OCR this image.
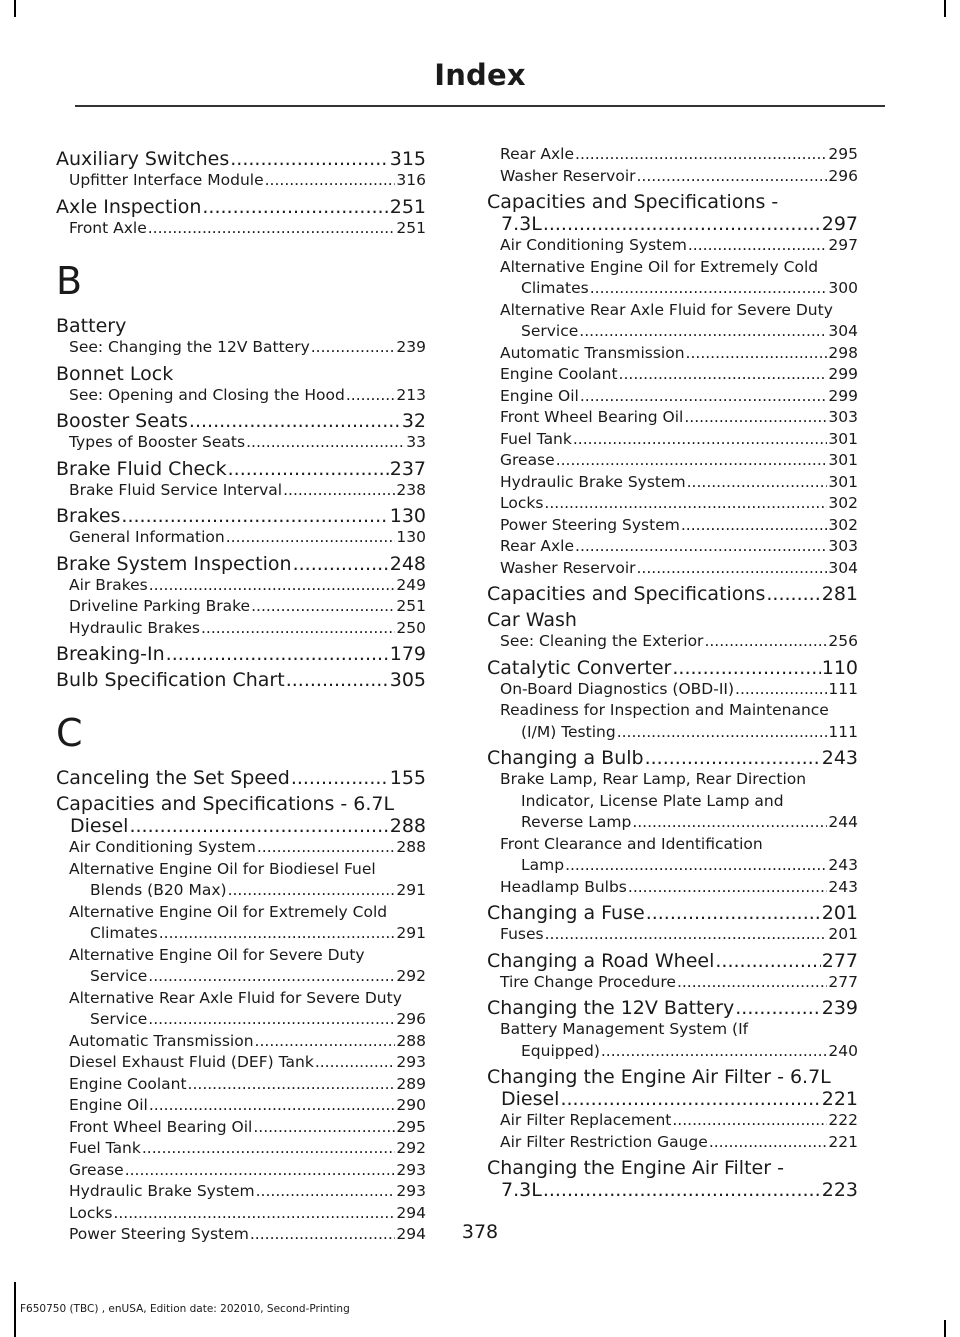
Index
Auxiliary Switches .....	315
Upfitter Interface Module .....	316
Axle Inspection .....	251
Front Axle .....	251
B
Battery
See: Changing the 12V Battery .....	239
Bonnet Lock
See: Opening and Closing the Hood .....	213
Booster Seats .....	32
Types of Booster Seats .....	33
Brake Fluid Check .....	237
Brake Fluid Service Interval .....	238
Brakes .....	130
General Information .....	130
Brake System Inspection .....	248
Air Brakes .....	249
Driveline Parking Brake .....	251
Hydraulic Brakes .....	250
Breaking-In .....	179
Bulb Specification Chart .....	305
C
Canceling the Set Speed .....	155
Capacities and Specifications - 6.7L
Diesel .....	288
Air Conditioning System .....	288
Alternative Engine Oil for Biodiesel Fuel
Blends (B20 Max) .....	291
Alternative Engine Oil for Extremely Cold
Climates .....	291
Alternative Engine Oil for Severe Duty
Service .....	292
Alternative Rear Axle Fluid for Severe Duty
Service .....	296
Automatic Transmission .....	288
Diesel Exhaust Fluid (DEF) Tank .....	293
Engine Coolant .....	289
Engine Oil .....	290
Front Wheel Bearing Oil .....	295
Fuel Tank .....	292
Grease .....	293
Hydraulic Brake System .....	293
Locks .....	294
Power Steering System .....	294
Rear Axle .....	295
Washer Reservoir .....	296
Capacities and Specifications -
7.3L .....	297
Air Conditioning System .....	297
Alternative Engine Oil for Extremely Cold
Climates .....	300
Alternative Rear Axle Fluid for Severe Duty
Service .....	304
Automatic Transmission .....	298
Engine Coolant .....	299
Engine Oil .....	299
Front Wheel Bearing Oil .....	303
Fuel Tank .....	301
Grease .....	301
Hydraulic Brake System .....	301
Locks .....	302
Power Steering System .....	302
Rear Axle .....	303
Washer Reservoir .....	304
Capacities and Specifications .....	281
Car Wash
See: Cleaning the Exterior .....	256
Catalytic Converter .....	110
On-Board Diagnostics (OBD-II) .....	111
Readiness for Inspection and Maintenance
(I/M) Testing .....	111
Changing a Bulb .....	243
Brake Lamp, Rear Lamp, Rear Direction
Indicator, License Plate Lamp and
Reverse Lamp .....	244
Front Clearance and Identification
Lamp .....	243
Headlamp Bulbs .....	243
Changing a Fuse .....	201
Fuses .....	201
Changing a Road Wheel .....	277
Tire Change Procedure .....	277
Changing the 12V Battery .....	239
Battery Management System (If
Equipped) .....	240
Changing the Engine Air Filter - 6.7L
Diesel .....	221
Air Filter Replacement .....	222
Air Filter Restriction Gauge .....	221
Changing the Engine Air Filter -
7.3L .....	223
378
F650750 (TBC) , enUSA, Edition date: 202010, Second-Printing
